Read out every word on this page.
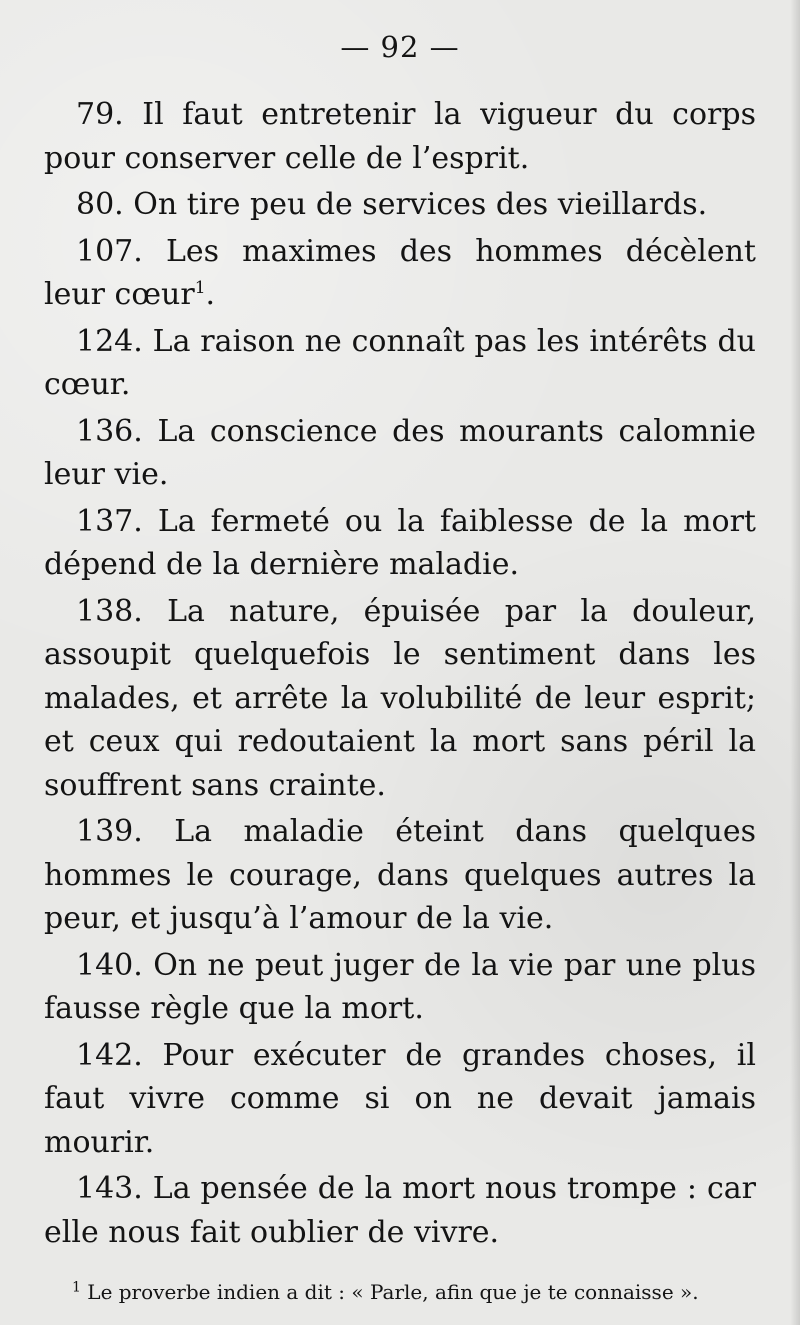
— 92 —

79. Il faut entretenir la vigueur du corps pour conserver celle de l’esprit.

80. On tire peu de services des vieillards.

107. Les maximes des hommes décèlent leur cœur$^1$.

124. La raison ne connaît pas les intérêts du cœur.

136. La conscience des mourants calomnie leur vie.

137. La fermeté ou la faiblesse de la mort dépend de la dernière maladie.

138. La nature, épuisée par la douleur, assoupit quelquefois le sentiment dans les malades, et arrête la volubilité de leur esprit; et ceux qui redoutaient la mort sans péril la souffrent sans crainte.

139. La maladie éteint dans quelques hommes le courage, dans quelques autres la peur, et jusqu’à l’amour de la vie.

140. On ne peut juger de la vie par une plus fausse règle que la mort.

142. Pour exécuter de grandes choses, il faut vivre comme si on ne devait jamais mourir.

143. La pensée de la mort nous trompe : car elle nous fait oublier de vivre.

$^1$ Le proverbe indien a dit : « Parle, afin que je te connaisse ».
